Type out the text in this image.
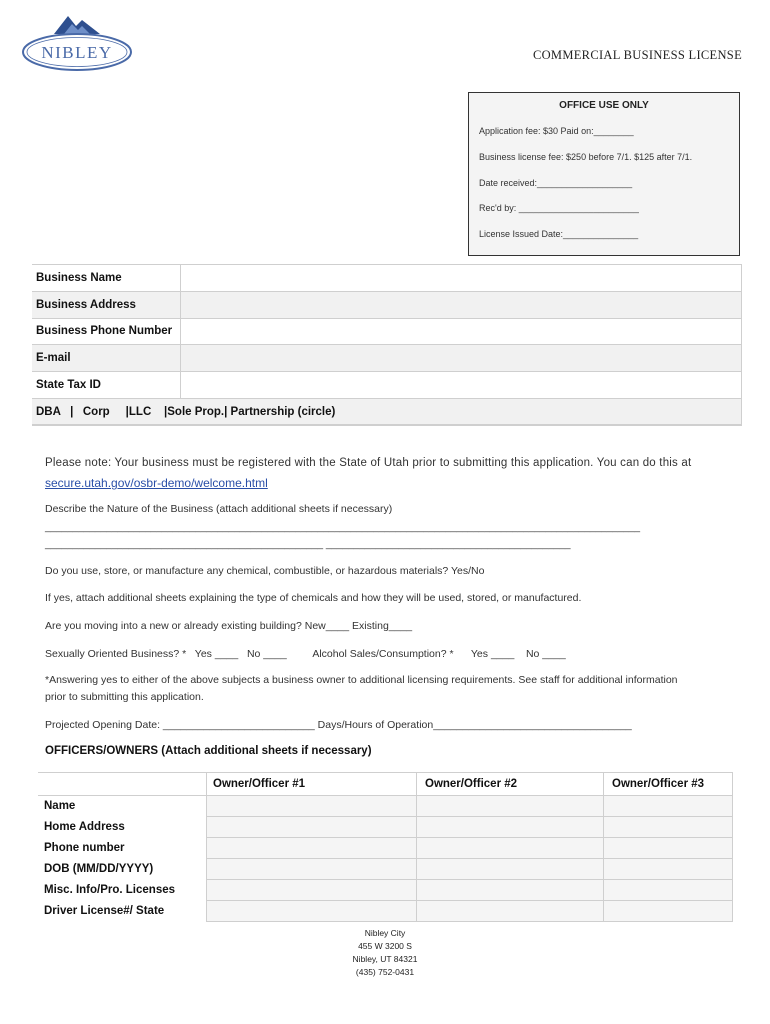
NIBLEY	COMMERCIAL BUSINESS LICENSE
OFFICE USE ONLY
Application fee: $30 Paid on:________
Business license fee: $250 before 7/1. $125 after 7/1.
Date received:___________________
Rec'd by: ________________________
License Issued Date:_______________
Business Name	
Business Address	
Business Phone Number	
E-mail	
State Tax ID	
DBA   |   Corp     |LLC    |Sole Prop.| Partnership (circle)	
Please note: Your business must be registered with the State of Utah prior to submitting this application. You can do this at
secure.utah.gov/osbr-demo/welcome.html
Describe the Nature of the Business (attach additional sheets if necessary)
___________________________________________________________________________________________________________
__________________________________________________ ____________________________________________
Do you use, store, or manufacture any chemical, combustible, or hazardous materials? Yes/No
If yes, attach additional sheets explaining the type of chemicals and how they will be used, stored, or manufactured.
Are you moving into a new or already existing building? New____ Existing____
Sexually Oriented Business? *   Yes ____   No ____         Alcohol Sales/Consumption? *      Yes ____    No ____
*Answering yes to either of the above subjects a business owner to additional licensing requirements. See staff for additional information
prior to submitting this application.
Projected Opening Date: __________________________ Days/Hours of Operation__________________________________
OFFICERS/OWNERS (Attach additional sheets if necessary)
	Owner/Officer #1	Owner/Officer #2	Owner/Officer #3
Name			
Home Address			
Phone number			
DOB (MM/DD/YYYY)			
Misc. Info/Pro. Licenses			
Driver License#/ State			
Nibley City
455 W 3200 S
Nibley, UT 84321
(435) 752-0431
